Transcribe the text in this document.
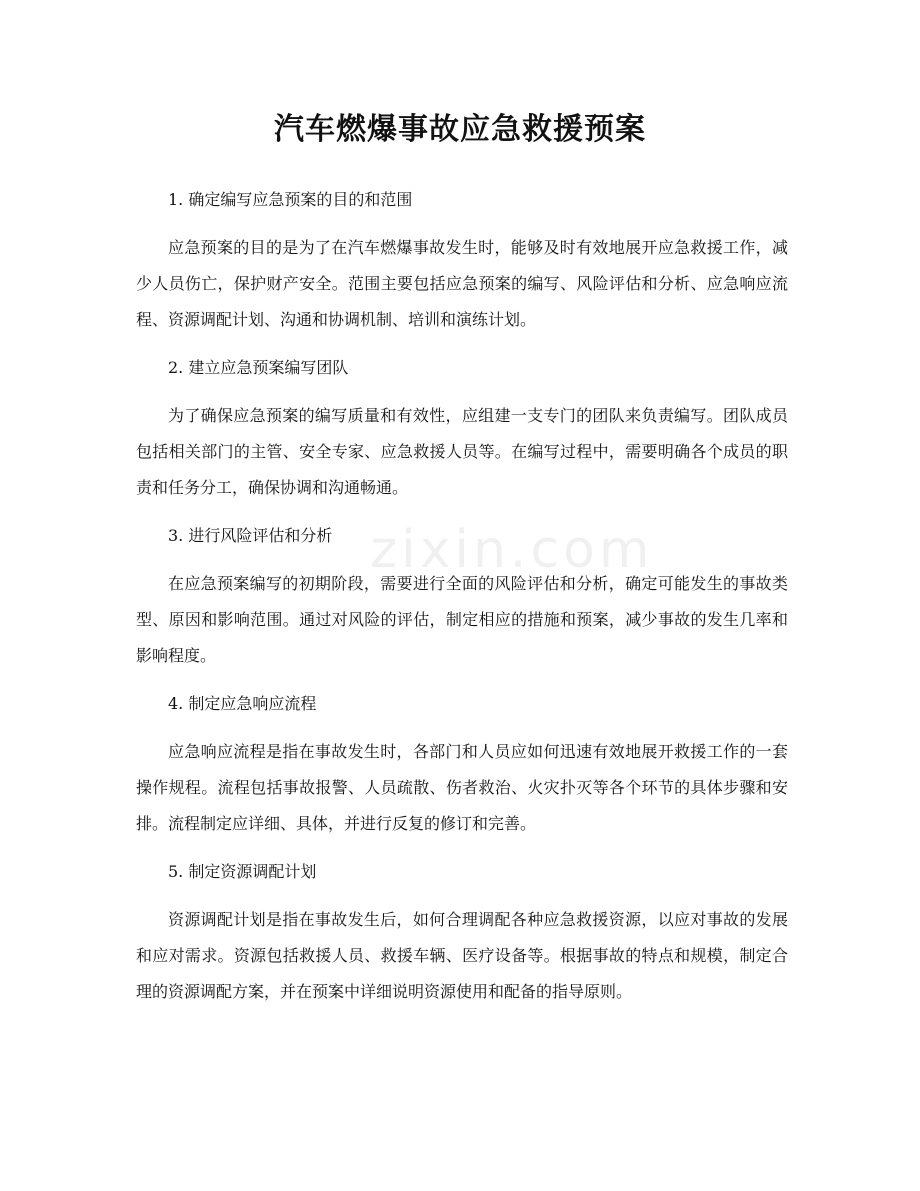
zixin.com
汽车燃爆事故应急救援预案

1. 确定编写应急预案的目的和范围

应急预案的目的是为了在汽车燃爆事故发生时，能够及时有效地展开应急救援工作，减少人员伤亡，保护财产安全。范围主要包括应急预案的编写、风险评估和分析、应急响应流程、资源调配计划、沟通和协调机制、培训和演练计划。

2. 建立应急预案编写团队

为了确保应急预案的编写质量和有效性，应组建一支专门的团队来负责编写。团队成员包括相关部门的主管、安全专家、应急救援人员等。在编写过程中，需要明确各个成员的职责和任务分工，确保协调和沟通畅通。

3. 进行风险评估和分析

在应急预案编写的初期阶段，需要进行全面的风险评估和分析，确定可能发生的事故类型、原因和影响范围。通过对风险的评估，制定相应的措施和预案，减少事故的发生几率和影响程度。

4. 制定应急响应流程

应急响应流程是指在事故发生时，各部门和人员应如何迅速有效地展开救援工作的一套操作规程。流程包括事故报警、人员疏散、伤者救治、火灾扑灭等各个环节的具体步骤和安排。流程制定应详细、具体，并进行反复的修订和完善。

5. 制定资源调配计划

资源调配计划是指在事故发生后，如何合理调配各种应急救援资源，以应对事故的发展和应对需求。资源包括救援人员、救援车辆、医疗设备等。根据事故的特点和规模，制定合理的资源调配方案，并在预案中详细说明资源使用和配备的指导原则。
